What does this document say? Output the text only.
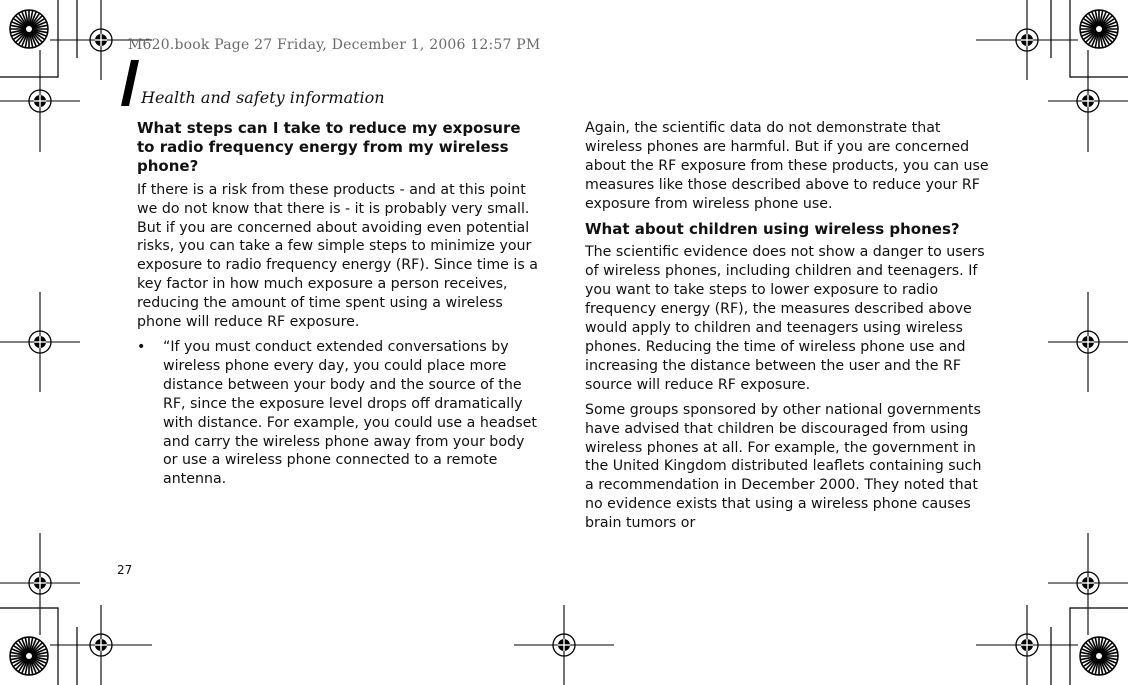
M620.book Page 27 Friday, December 1, 2006 12:57 PM
Health and safety information
What steps can I take to reduce my exposure to radio frequency energy from my wireless phone?

If there is a risk from these products - and at this point we do not know that there is - it is probably very small. But if you are concerned about avoiding even potential risks, you can take a few simple steps to minimize your exposure to radio frequency energy (RF). Since time is a key factor in how much exposure a person receives, reducing the amount of time spent using a wireless phone will reduce RF exposure.

• “If you must conduct extended conversations by wireless phone every day, you could place more distance between your body and the source of the RF, since the exposure level drops off dramatically with distance. For example, you could use a headset and carry the wireless phone away from your body or use a wireless phone connected to a remote antenna.

Again, the scientific data do not demonstrate that wireless phones are harmful. But if you are concerned about the RF exposure from these products, you can use measures like those described above to reduce your RF exposure from wireless phone use.

What about children using wireless phones?

The scientific evidence does not show a danger to users of wireless phones, including children and teenagers. If you want to take steps to lower exposure to radio frequency energy (RF), the measures described above would apply to children and teenagers using wireless phones. Reducing the time of wireless phone use and increasing the distance between the user and the RF source will reduce RF exposure.

Some groups sponsored by other national governments have advised that children be discouraged from using wireless phones at all. For example, the government in the United Kingdom distributed leaflets containing such a recommendation in December 2000. They noted that no evidence exists that using a wireless phone causes brain tumors or

27
